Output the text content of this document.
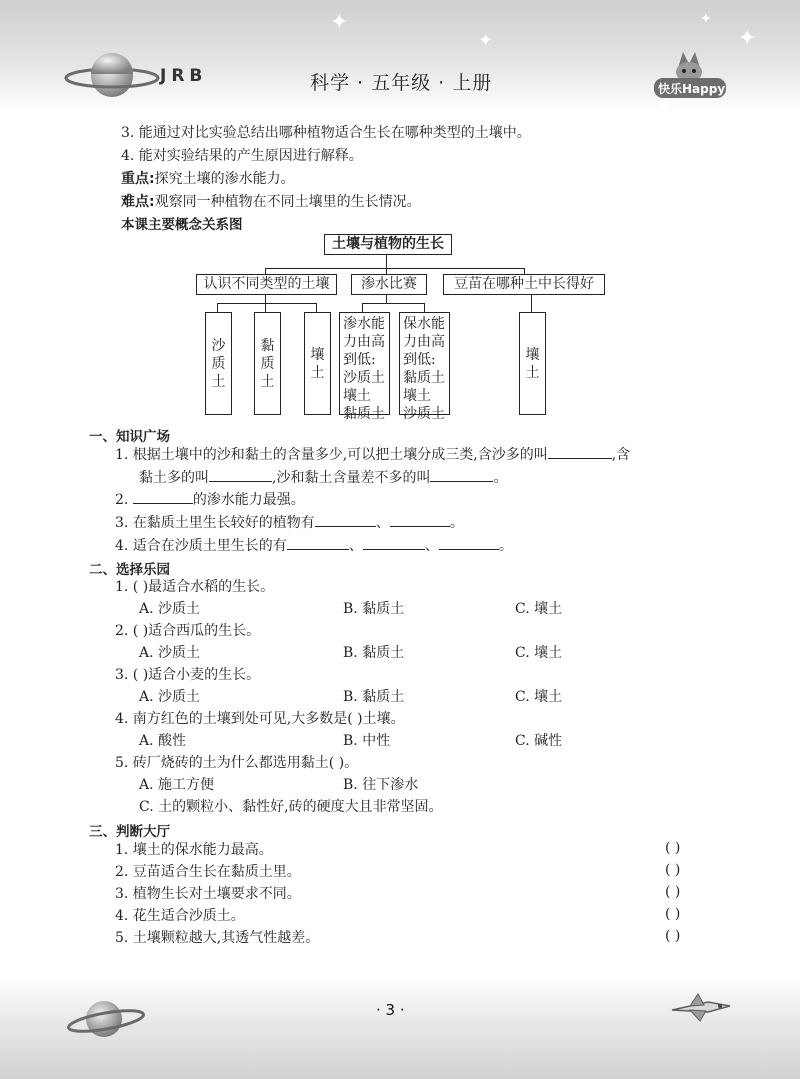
✦
✦	✦
✦
JRB	科学 · 五年级 · 上册	快乐Happy精灵
3. 能通过对比实验总结出哪种植物适合生长在哪种类型的土壤中。
4. 能对实验结果的产生原因进行解释。
重点:探究土壤的渗水能力。
难点:观察同一种植物在不同土壤里的生长情况。
本课主要概念关系图
土壤与植物的生长
认识不同类型的土壤	渗水比赛	豆苗在哪种土中长得好
沙质土
黏质土
壤土
渗水能
力由高
到低:
沙质土
壤土
黏质土
保水能
力由高
到低:
黏质土
壤土
沙质土
壤土
一、知识广场
1. 根据土壤中的沙和黏土的含量多少,可以把土壤分成三类,含沙多的叫	,含
黏土多的叫	,沙和黏土含量差不多的叫	。
2.	的渗水能力最强。
3. 在黏质土里生长较好的植物有	、	。
4. 适合在沙质土里生长的有	、	、	。
二、选择乐园
1. ( )最适合水稻的生长。
A. 沙质土	B. 黏质土	C. 壤土
2. ( )适合西瓜的生长。
A. 沙质土	B. 黏质土	C. 壤土
3. ( )适合小麦的生长。
A. 沙质土	B. 黏质土	C. 壤土
4. 南方红色的土壤到处可见,大多数是( )土壤。
A. 酸性	B. 中性	C. 碱性
5. 砖厂烧砖的土为什么都选用黏土( )。
A. 施工方便	B. 往下渗水
C. 土的颗粒小、黏性好,砖的硬度大且非常坚固。
三、判断大厅
1. 壤土的保水能力最高。	( )
2. 豆苗适合生长在黏质土里。	( )
3. 植物生长对土壤要求不同。	( )
4. 花生适合沙质土。	( )
5. 土壤颗粒越大,其透气性越差。	( )
· 3 ·
